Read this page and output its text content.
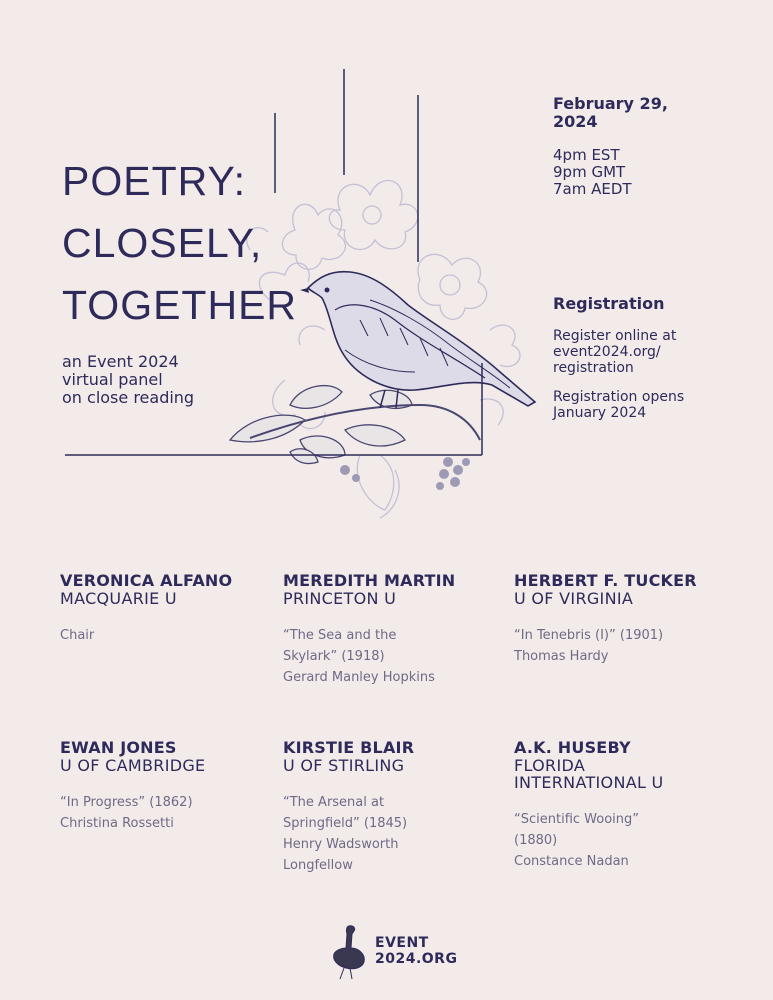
POETRY:
CLOSELY,
TOGETHER
an Event 2024
virtual panel
on close reading
February 29,
2024
4pm EST
9pm GMT
7am AEDT
Registration
Register online at
event2024.org/
registration
Registration opens
January 2024
VERONICA ALFANO
MACQUARIE U
Chair
MEREDITH MARTIN
PRINCETON U
“The Sea and the
Skylark” (1918)
Gerard Manley Hopkins
HERBERT F. TUCKER
U OF VIRGINIA
“In Tenebris (I)” (1901)
Thomas Hardy
EWAN JONES
U OF CAMBRIDGE
“In Progress” (1862)
Christina Rossetti
KIRSTIE BLAIR
U OF STIRLING
“The Arsenal at
Springfield” (1845)
Henry Wadsworth
Longfellow
A.K. HUSEBY
FLORIDA
INTERNATIONAL U
“Scientific Wooing”
(1880)
Constance Nadan
EVENT
2024.ORG
